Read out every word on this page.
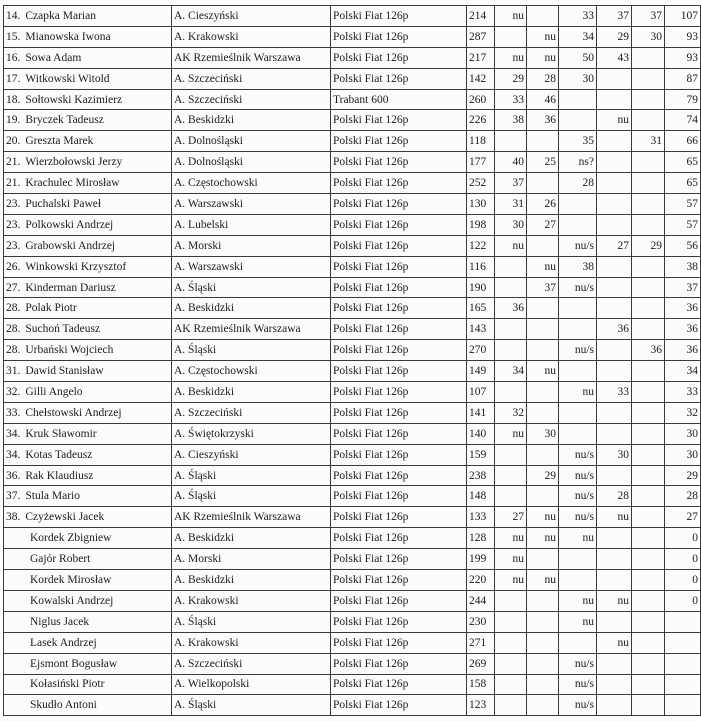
14. Czapka Marian	A. Cieszyński	Polski Fiat 126p	214	nu		33	37	37	107
15. Mianowska Iwona	A. Krakowski	Polski Fiat 126p	287		nu	34	29	30	93
16. Sowa Adam	AK Rzemieślnik Warszawa	Polski Fiat 126p	217	nu	nu	50	43		93
17. Witkowski Witold	A. Szczeciński	Polski Fiat 126p	142	29	28	30			87
18. Sołtowski Kazimierz	A. Szczeciński	Trabant 600	260	33	46				79
19. Bryczek Tadeusz	A. Beskidzki	Polski Fiat 126p	226	38	36		nu		74
20. Greszta Marek	A. Dolnośląski	Polski Fiat 126p	118			35		31	66
21. Wierzbołowski Jerzy	A. Dolnośląski	Polski Fiat 126p	177	40	25	ns?			65
21. Krachulec Mirosław	A. Częstochowski	Polski Fiat 126p	252	37		28			65
23. Puchalski Paweł	A. Warszawski	Polski Fiat 126p	130	31	26				57
23. Polkowski Andrzej	A. Lubelski	Polski Fiat 126p	198	30	27				57
23. Grabowski Andrzej	A. Morski	Polski Fiat 126p	122	nu		nu/s	27	29	56
26. Winkowski Krzysztof	A. Warszawski	Polski Fiat 126p	116		nu	38			38
27. Kinderman Dariusz	A. Śląski	Polski Fiat 126p	190		37	nu/s			37
28. Polak Piotr	A. Beskidzki	Polski Fiat 126p	165	36					36
28. Suchoń Tadeusz	AK Rzemieślnik Warszawa	Polski Fiat 126p	143				36		36
28. Urbański Wojciech	A. Śląski	Polski Fiat 126p	270			nu/s		36	36
31. Dawid Stanisław	A. Częstochowski	Polski Fiat 126p	149	34	nu				34
32. Gilli Angelo	A. Beskidzki	Polski Fiat 126p	107			nu	33		33
33. Chełstowski Andrzej	A. Szczeciński	Polski Fiat 126p	141	32					32
34. Kruk Sławomir	A. Świętokrzyski	Polski Fiat 126p	140	nu	30				30
34. Kotas Tadeusz	A. Cieszyński	Polski Fiat 126p	159			nu/s	30		30
36. Rak Klaudiusz	A. Śląski	Polski Fiat 126p	238		29	nu/s			29
37. Stula Mario	A. Śląski	Polski Fiat 126p	148			nu/s	28		28
38. Czyżewski Jacek	AK Rzemieślnik Warszawa	Polski Fiat 126p	133	27	nu	nu/s	nu		27
Kordek Zbigniew	A. Beskidzki	Polski Fiat 126p	128	nu	nu	nu			0
Gajór Robert	A. Morski	Polski Fiat 126p	199	nu					0
Kordek Mirosław	A. Beskidzki	Polski Fiat 126p	220	nu	nu				0
Kowalski Andrzej	A. Krakowski	Polski Fiat 126p	244			nu	nu		0
Niglus Jacek	A. Śląski	Polski Fiat 126p	230			nu			
Lasek Andrzej	A. Krakowski	Polski Fiat 126p	271				nu		
Ejsmont Bogusław	A. Szczeciński	Polski Fiat 126p	269			nu/s			
Kołasiński Piotr	A. Wielkopolski	Polski Fiat 126p	158			nu/s			
Skudło Antoni	A. Śląski	Polski Fiat 126p	123			nu/s			
